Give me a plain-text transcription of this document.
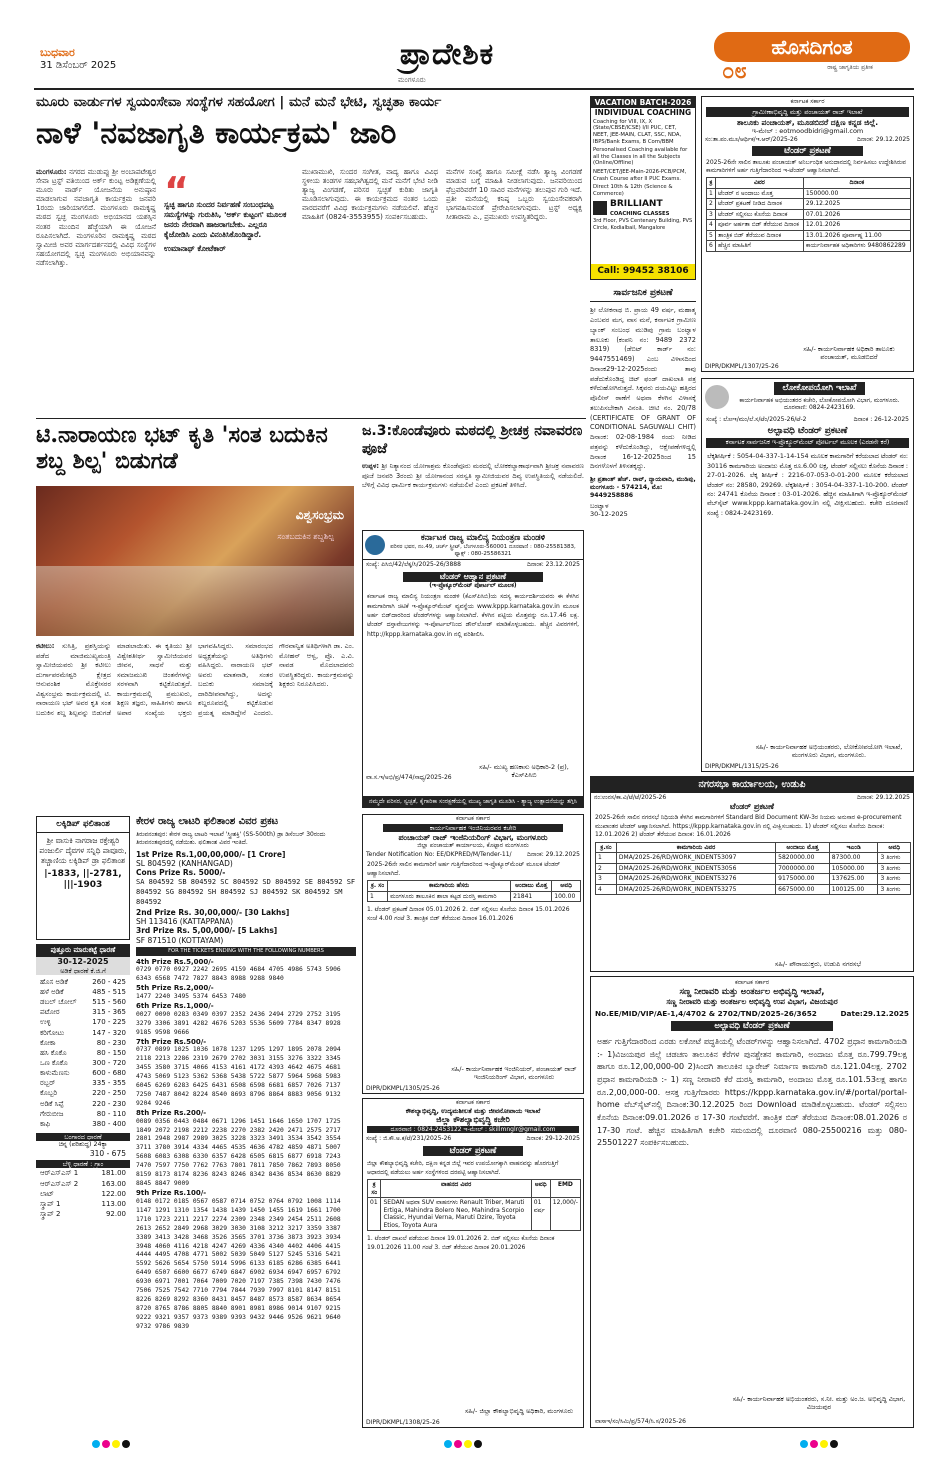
ಬುಧವಾರ
31 ಡಿಸೆಂಬರ್ 2025
ಮಂಗಳೂರು
ಪ್ರಾದೇಶಿಕ	ಹೊಸದಿಗಂತ
ರಾಷ್ಟ್ರ ಜಾಗೃತಿಯ ಪ್ರತೀಕ
೦೮
ಮೂರು ವಾರ್ಡುಗಳ ಸ್ವಯಂಸೇವಾ ಸಂಸ್ಥೆಗಳ ಸಹಯೋಗ | ಮನೆ ಮನೆ ಭೇಟಿ, ಸ್ವಚ್ಛತಾ ಕಾರ್ಯ
ನಾಳೆ 'ನವಜಾಗೃತಿ ಕಾರ್ಯಕ್ರಮ' ಜಾರಿ
ಮಂಗಳೂರು: ನಗರದ ಮುಡುಪ್ಪು ಶ್ರೀ ಅಂಬಾಪಟೇಶ್ವರ ಸೇವಾ ಟ್ರಸ್ಟ್ ವತಿಯಿಂದ ಅರ್ಕ್ ಕುಂಟ್ಪ ಅಡಿಕ್ಷಣೆಯಲ್ಲಿ ಮೂರು ವಾರ್ಡ್ ಯೋಜನೆಯ ಅನುಷ್ಠಾನ ಮಾಡಲಾಗುವ ನವಜಾಗೃತಿ ಕಾರ್ಯಕ್ರಮ ಜನವರಿ 1ರಂದು ಜಾರಿಯಾಗಲಿದೆ. ಮಂಗಳೂರು ರಾಮಕೃಷ್ಣ ಮಠದ ಸ್ವಚ್ಛ ಮಂಗಳೂರು ಅಭಿಯಾನದ ಯಶಸ್ಸಿನ ನಂತರ ಮುಂದಿನ ಹೆಜ್ಜೆಯಾಗಿ ಈ ಯೋಜನೆ ರೂಪಿಸಲಾಗಿದೆ. ಮಂಗಳೂರಿನ ರಾಮಕೃಷ್ಣ ಮಠದ ಸ್ವಾಮೀಜಿ ಅವರ ಮಾರ್ಗದರ್ಶನದಲ್ಲಿ ವಿವಿಧ ಸಂಸ್ಥೆಗಳ ಸಹಯೋಗದಲ್ಲಿ ಸ್ವಚ್ಛ ಮಂಗಳೂರು ಅಭಿಯಾನವನ್ನು ನಡೆಸಲಾಗಿತ್ತು.
“
ಸ್ವಚ್ಛ ಹಾಗೂ ಸುಂದರ ನಿರ್ವಹಣೆ ಸಂಬಂಧಪಟ್ಟ ಸಮಸ್ಯೆಗಳನ್ನು ಗುರುತಿಸಿ, 'ಅರ್ಕ್ ಕುಟ್ಟಂಗ' ಮೂಲಕ ಜನರು ನೇರವಾಗಿ ಹಾಜರಾಗಬೇಕು. ಎಲ್ಲರೂ ಕೈಜೋಡಿಸಿ ಎಂದು ವಿನಂತಿಸಿಕೊಂಡಿದ್ದಾರೆ.
ಉಮಾನಾಥ್ ಕೋಟೆಕಾರ್
ಮುಖಾಮುಖಿ, ಸುಂದರ ಸಂಗೀತ, ವಾದ್ಯ ಹಾಗೂ ವಿವಿಧ ಸ್ಥಳೀಯ ತಂಡಗಳ ಸಹಭಾಗಿತ್ವದಲ್ಲಿ ಮನೆ ಮನೆಗೆ ಭೇಟಿ ನೀಡಿ ತ್ಯಾಜ್ಯ ವಿಂಗಡಣೆ, ಪರಿಸರ ಸ್ವಚ್ಛತೆ ಕುರಿತು ಜಾಗೃತಿ ಮೂಡಿಸಲಾಗುವುದು. ಈ ಕಾರ್ಯಕ್ರಮದ ನಂತರ ಒಂದು ವಾರದವರೆಗೆ ವಿವಿಧ ಕಾರ್ಯಕ್ರಮಗಳು ನಡೆಯಲಿವೆ. ಹೆಚ್ಚಿನ ಮಾಹಿತಿಗೆ (0824-3553955) ಸಂಪರ್ಕಿಸಬಹುದು.
ಮನೆಗಳ ಸಂಖ್ಯೆ ಹಾಗೂ ಸಮೀಕ್ಷೆ ನಡೆಸಿ ತ್ಯಾಜ್ಯ ವಿಂಗಡಣೆ ಮಾಡುವ ಬಗ್ಗೆ ಮಾಹಿತಿ ನೀಡಲಾಗುವುದು. ಜನವರಿಯಿಂದ ಫೆಬ್ರವರಿವರೆಗೆ 10 ಸಾವಿರ ಮನೆಗಳನ್ನು ತಲುಪುವ ಗುರಿ ಇದೆ. ಪ್ರತೀ ಮನೆಯಲ್ಲಿ ಕನಿಷ್ಠ ಒಬ್ಬರು ಸ್ವಯಂಸೇವಕರಾಗಿ ಭಾಗವಹಿಸುವಂತೆ ಪ್ರೇರೇಪಿಸಲಾಗುವುದು. ಟ್ರಸ್ಟ್ ಅಧ್ಯಕ್ಷ ಸೀತಾರಾಮ ಎ., ಪ್ರಮುಖರು ಉಪಸ್ಥಿತರಿದ್ದರು.
VACATION BATCH-2026
INDIVIDUAL COACHING
Coaching for VIII, IX, X (State/CBSE/ICSE) I/II PUC, CET, NEET, JEE-MAIN, CLAT, SSC, NDA, IBPS/Bank Exams, B Com/BBM
Personalised Coaching available for all the Classes in all the Subjects (Online/Offline)
NEET/CET/JEE-Main-2026-PCB/PCM, Crash Course after II PUC Exams.
Direct 10th & 12th (Science & Commerce)
BRILLIANT
COACHING CLASSES
3rd Floor, PVS Centenary Building, PVS Circle, Kodialbail, Mangalore
Call: 99452 38106
ಕರ್ನಾಟಕ ಸರ್ಕಾರ
ಗ್ರಾಮೀಣಾಭಿವೃದ್ಧಿ ಮತ್ತು ಪಂಚಾಯತ್ ರಾಜ್ ಇಲಾಖೆ
ತಾಲೂಕು ಪಂಚಾಯತ್, ಮೂಡಬಿದರೆ ದಕ್ಷಿಣ ಕನ್ನಡ ಜಿಲ್ಲೆ.
ಇ-ಮೇಲ್ : eotmoodbidri@gmail.com
ಸಂ:ತಾ.ಪಂ.ಮೂ/ಆರ್ಥಿಕ/ಇ.ಆರ್/2025-26	ದಿನಾಂಕ: 29.12.2025
ಟೆಂಡರ್ ಪ್ರಕಟಣೆ
2025-26ನೇ ಸಾಲಿನ ತಾಲೂಕು ಪಂಚಾಯತ್ ಅನಿರ್ಬಂಧಿತ ಅನುದಾನದಲ್ಲಿ ನಿರ್ವಹಿಸಲು ಉದ್ದೇಶಿಸಿರುವ ಕಾಮಗಾರಿಗಳಿಗೆ ಅರ್ಹ ಗುತ್ತಿಗೆದಾರರಿಂದ ಇ-ಟೆಂಡರ್ ಆಹ್ವಾನಿಸಲಾಗಿದೆ.
ಕ್ರ	ವಿವರ	ದಿನಾಂಕ
1	ಟೆಂಡರ್ ನ ಅಂದಾಜು ಮೊತ್ತ	150000.00
2	ಟೆಂಡರ್ ಪ್ರಕಟಣೆ ನೀಡಿದ ದಿನಾಂಕ	29.12.2025
3	ಟೆಂಡರ್ ಸಲ್ಲಿಸಲು ಕೊನೆಯ ದಿನಾಂಕ	07.01.2026
4	ಪೂರ್ವ ಅರ್ಹತಾ ಬಿಡ್ ತೆರೆಯುವ ದಿನಾಂಕ	12.01.2026
5	ತಾಂತ್ರಿಕ ಬಿಡ್ ತೆರೆಯುವ ದಿನಾಂಕ	13.01.2026 ಪೂರ್ವಾಹ್ನ 11.00
6	ಹೆಚ್ಚಿನ ಮಾಹಿತಿಗೆ	ಕಾರ್ಯನಿರ್ವಾಹಕ ಅಧಿಕಾರಿಗಳು 9480862289
ಸಹಿ/- ಕಾರ್ಯನಿರ್ವಾಹಕ ಅಧಿಕಾರಿ ತಾಲೂಕು ಪಂಚಾಯತ್, ಮೂಡಬಿದರೆ
DIPR/DKMPL/1307/25-26
ಸಾರ್ವಜನಿಕ ಪ್ರಕಟಣೆ
ಶ್ರೀ ಲೋಕನಾಥ ಬಿ. ಪ್ರಾಯ 49 ವರ್ಷ, ಮಹಾತ್ಮ ಎಂಬವರ ಮಗ, ವಾಸ ಮನೆ, ಕರ್ನಾಟಕ ಗ್ರಾಮೀಣ ಬ್ಯಾಂಕ್ ಸಂಬಂಧ ಮುಡಿಪು ಗ್ರಾಮ ಬಂಟ್ವಾಳ ತಾಲೂಕು (ಕಂಪನಿ ನಂ: 9489 2372 8319) (ಡೆಬಿಟ್ ಕಾರ್ಡ್ ನಂ: 9447551469) ಎಂಬ ವಿಳಾಸದಿಂದ ದಿನಾಂಕ29-12-2025ರಂದು ತಾವು ಪಡೆದುಕೊಂಡಿದ್ದ ಚಿಟ್ ಫಂಡ್ ದಾಖಲಾತಿ ಪತ್ರ ಕಳೆದುಹೋಗಿರುತ್ತದೆ. ಸಿಕ್ಕವರು ದಯವಿಟ್ಟು ಹತ್ತಿರದ ಪೊಲೀಸ್ ಠಾಣೆಗೆ ಅಥವಾ ಕೆಳಗಿನ ವಿಳಾಸಕ್ಕೆ ತಲುಪಿಸಬೇಕಾಗಿ ವಿನಂತಿ. ಚೀಟಿ ನಂ. 20/78 (CERTIFICATE OF GRANT OF CONDITIONAL SAGUWALI CHIT) ದಿನಾಂಕ: 02-08-1984 ರಂದು ನೀಡಿದ ಪತ್ರವನ್ನು ಕಳೆದುಕೊಂಡಿದ್ದು, ಆಕ್ಷೇಪಣೆಗಳಿದ್ದಲ್ಲಿ ದಿನಾಂಕ 16-12-2025ರಿಂದ 15 ದಿನಗಳೊಳಗೆ ತಿಳಿಸತಕ್ಕದ್ದು.
ಶ್ರೀ ಪ್ರಶಾಂತ್ ಹೆಚ್. ರಾವ್, ನ್ಯಾಯವಾದಿ, ಮುಡಿಪು, ಮಂಗಳೂರು - 574214, ಮೊ: 9449258886
ಬಂಟ್ವಾಳ
30-12-2025
ಲೋಕೋಪಯೋಗಿ ಇಲಾಖೆ
ಕಾರ್ಯನಿರ್ವಾಹಕ ಅಭಿಯಂತರರ ಕಚೇರಿ, ಲೋಕೋಪಯೋಗಿ ವಿಭಾಗ, ಮಂಗಳೂರು. ದೂರವಾಣಿ: 0824-2423169.
ಸಂಖ್ಯೆ : ಲೋಇ/ಮಂ/ಲೆ.ಸ/ಟೆಂ/2025-26/ಟೆ-2	ದಿನಾಂಕ : 26-12-2025
ಅಲ್ಪಾವಧಿ ಟೆಂಡರ್ ಪ್ರಕಟಣೆ
ಕರ್ನಾಟಕ ಸಾರ್ವಜನಿಕ ಇ-ಪ್ರೊಕ್ಯೂರ್‌ಮೆಂಟ್ ಪೋರ್ಟಲ್ ಮೂಲಕ (ಎರಡನೇ ಕರೆ)
ಲೆಕ್ಕಶೀರ್ಷಿಕೆ : 5054-04-337-1-14-154 ಮೂಲಕ ಕಾಮಗಾರಿಗೆ ಕರೆಯಲಾದ ಟೆಂಡರ್ ನಂ: 30116 ಕಾಮಗಾರಿಯ ಅಂದಾಜು ಮೊತ್ತ ರೂ.6.00 ಲಕ್ಷ, ಟೆಂಡರ್ ಸಲ್ಲಿಸಲು ಕೊನೆಯ ದಿನಾಂಕ : 27-01-2026. ಲೆಕ್ಕ ಶೀರ್ಷಿಕೆ : 2216-07-053-0-01-200 ಮೂಲಕ ಕರೆಯಲಾದ ಟೆಂಡರ್ ನಂ: 28580, 29269. ಲೆಕ್ಕಶೀರ್ಷಿಕೆ : 3054-04-337-1-10-200. ಟೆಂಡರ್ ನಂ: 24741 ಕೊನೆಯ ದಿನಾಂಕ : 03-01-2026. ಹೆಚ್ಚಿನ ಮಾಹಿತಿಗಾಗಿ ಇ-ಪ್ರೊಕ್ಯೂರ್‌ಮೆಂಟ್ ವೆಬ್‌ಸೈಟ್ www.kppp.karnataka.gov.in ನಲ್ಲಿ ವೀಕ್ಷಿಸಬಹುದು. ಕಚೇರಿ ದೂರವಾಣಿ ಸಂಖ್ಯೆ : 0824-2423169.
ಸಹಿ/- ಕಾರ್ಯನಿರ್ವಾಹಕ ಅಭಿಯಂತರರು, ಲೋಕೋಪಯೋಗಿ ಇಲಾಖೆ, ಮಂಗಳೂರು ವಿಭಾಗ, ಮಂಗಳೂರು.
DIPR/DKMPL/1315/25-26
ಟಿ.ನಾರಾಯಣ ಭಟ್ ಕೃತಿ 'ಸಂತ ಬದುಕಿನ ಶಬ್ದ ಶಿಲ್ಪ' ಬಿಡುಗಡೆ
ವಿಶ್ವಸಂಭ್ರಮ
ಸಂತಬದುಕಿನ ಶಬ್ದಶಿಲ್ಪ
ಕಟೀಲು: ಸುಸಿತ್ರಿ, ಪ್ರಶಸ್ತಿಯನ್ನು ಪಡೆದ ಮಾಜಿಮುಖ್ಯಮಂತ್ರಿ ಸ್ವಾಮೀಜಿಯವರು ಶ್ರೀ ಕಟೀಲು ದುರ್ಗಾಪರಮೇಶ್ವರಿ ಕ್ಷೇತ್ರದ ಆನುವಂಶಿಕ ಮೊಕ್ತೇಸರರ ವಿಶ್ವಸಂಭ್ರಮ ಕಾರ್ಯಕ್ರಮದಲ್ಲಿ ಟಿ. ನಾರಾಯಣ ಭಟ್ ಅವರ ಕೃತಿ ಸಂತ ಬದುಕಿನ ಶಬ್ದ ಶಿಲ್ಪವನ್ನು ಬಿಡುಗಡೆ ಮಾಡಲಾಯಿತು. ಈ ಕೃತಿಯು ಶ್ರೀ ವಿಶ್ವೇಶತೀರ್ಥ ಸ್ವಾಮೀಜಿಯವರ ಜೀವನ, ಸಾಧನೆ ಮತ್ತು ಸಮಾಜಮುಖಿ ಚಿಂತನೆಗಳನ್ನು ಸರಳವಾಗಿ ಕಟ್ಟಿಕೊಡುತ್ತದೆ. ಕಾರ್ಯಕ್ರಮದಲ್ಲಿ ಪ್ರಮುಖರು, ಶಿಕ್ಷಣ ತಜ್ಞರು, ಸಾಹಿತಿಗಳು ಹಾಗೂ ಅಪಾರ ಸಂಖ್ಯೆಯ ಭಕ್ತರು ಭಾಗವಹಿಸಿದ್ದರು. ಸಮಾರಂಭದ ಅಧ್ಯಕ್ಷತೆಯನ್ನು ಅತಿಥಿಗಳು ವಹಿಸಿದ್ದರು. ನಾರಾಯಣ ಭಟ್ ಅವರು ಮಾತನಾಡಿ, ಸಂತರ ಬದುಕು ಸಮಾಜಕ್ಕೆ ದಾರಿದೀಪವಾಗಿದ್ದು, ಅದನ್ನು ಶಬ್ದರೂಪದಲ್ಲಿ ಕಟ್ಟಿಕೊಡುವ ಪ್ರಯತ್ನ ಮಾಡಿದ್ದೇನೆ ಎಂದರು. ಗೌರವಾನ್ವಿತ ಅತಿಥಿಗಳಾಗಿ ಡಾ. ಎಂ. ಮೋಹನ್ ಆಳ್ವ, ಪ್ರೊ. ಎ.ವಿ. ನಾವಡ ಮೊದಲಾದವರು ಉಪಸ್ಥಿತರಿದ್ದರು. ಕಾರ್ಯಕ್ರಮವನ್ನು ಶಿಕ್ಷಕರು ನಿರೂಪಿಸಿದರು.
ಜ.3:ಕೊಂಡೆವೂರು ಮಠದಲ್ಲಿ ಶ್ರೀಚಕ್ರ ನವಾವರಣ ಪೂಜೆ
ಉಪ್ಪಳ: ಶ್ರೀ ನಿತ್ಯಾನಂದ ಯೋಗಾಶ್ರಮ ಕೊಂಡೆವೂರು ಮಠದಲ್ಲಿ ಲೋಕಕಲ್ಯಾಣಾರ್ಥವಾಗಿ ಶ್ರೀಚಕ್ರ ನವಾವರಣ ಪೂಜೆ ಜನವರಿ 3ರಂದು ಶ್ರೀ ಯೋಗಾನಂದ ಸರಸ್ವತಿ ಸ್ವಾಮೀಜಿಯವರ ದಿವ್ಯ ಉಪಸ್ಥಿತಿಯಲ್ಲಿ ನಡೆಯಲಿದೆ. ಬೆಳಿಗ್ಗೆ ವಿವಿಧ ಧಾರ್ಮಿಕ ಕಾರ್ಯಕ್ರಮಗಳು ನಡೆಯಲಿವೆ ಎಂದು ಪ್ರಕಟಣೆ ತಿಳಿಸಿದೆ.
ಕರ್ನಾಟಕ ರಾಜ್ಯ ಮಾಲಿನ್ಯ ನಿಯಂತ್ರಣ ಮಂಡಳಿ
ಪರಿಸರ ಭವನ, ನಂ.49, ಚರ್ಚ್ ಸ್ಟ್ರೀಟ್, ಬೆಂಗಳೂರು-560001 ದೂರವಾಣಿ : 080-25581383, ಫ್ಯಾಕ್ಸ್ : 080-25586321
ಸಂಖ್ಯೆ: ಪಿಸಿಬಿ/42/ಲೆಕ್ಕ/ಸಿ/2025-26/3888	ದಿನಾಂಕ: 23.12.2025
ಟೆಂಡರ್ ಆಹ್ವಾನ ಪ್ರಕಟಣೆ
(ಇ-ಪ್ರೊಕ್ಯೂರ್‌ಮೆಂಟ್ ಪೋರ್ಟಲ್ ಮೂಲಕ)
ಕರ್ನಾಟಕ ರಾಜ್ಯ ಮಾಲಿನ್ಯ ನಿಯಂತ್ರಣ ಮಂಡಳಿ (ಕೆಎಸ್‌ಪಿಸಿಬಿ)ಯ ಸದಸ್ಯ ಕಾರ್ಯದರ್ಶಿಯವರು ಈ ಕೆಳಗಿನ ಕಾಮಗಾರಿಗಾಗಿ ಚಿಟಿಕೆ ಇ-ಪ್ರೊಕ್ಯೂರ್‌ಮೆಂಟ್ ವ್ಯವಸ್ಥೆಯ www.kppp.karnataka.gov.in ಮೂಲಕ ಅರ್ಹ ಬಿಡ್‌ದಾರರಿಂದ ಟೆಂಡರ್‌ಗಳನ್ನು ಆಹ್ವಾನಿಸಲಾಗಿದೆ. ಕೆಳಗಿನ ಪಟ್ಟಿಯ ಮೊತ್ತವನ್ನು ರೂ.17.46 ಲಕ್ಷ. ಟೆಂಡರ್ ದಸ್ತಾವೇಜುಗಳನ್ನು ಇ-ಪೋರ್ಟಲ್‌ನಿಂದ ಡೌನ್‌ಲೋಡ್ ಮಾಡಿಕೊಳ್ಳಬಹುದು. ಹೆಚ್ಚಿನ ವಿವರಗಳಿಗೆ, http://kppp.karnataka.gov.in ನಲ್ಲಿ ಪರಿಶೀಲಿಸಿ.
ಸಹಿ/- ಮುಖ್ಯ ಹಣಕಾಸು ಅಧಿಕಾರಿ-2 (ಪ್ರ), ಕೆಎಸ್‌ಪಿಸಿಬಿ
ವಾ.ಸ.ಇ/ಅಭಿ/ಪ್ರ/474/ಸಾಧ್ಯ/2025-26
ನಮ್ಮದೇ ಪರಿಸರ, ಸ್ವಚ್ಛತೆ, ಕೈಗಾರಿಕಾ ಸಂರಕ್ಷಣೆಯಲ್ಲಿ ಮುಖ್ಯ ಜಾಗೃತಿ ಮೂಡಿಸಿ - ತ್ಯಾಜ್ಯ ಉತ್ಪಾದನೆಯನ್ನು ತಗ್ಗಿಸಿ
ಲಕ್ಕಿಡಿಪ್ ಫಲಿತಾಂಶ
ಶ್ರೀ ವಾಸುಕಿ ನಾಗರಾಜ ರಕ್ತೇಶ್ವರಿ ಪಂಜುರ್ಲಿ ದೈವಗಳ ಸನ್ನಿಧಿ ಪಾವೂರು, ತಚ್ಚಾಣಿಯ ಲಕ್ಕಿಡಿಪ್ ಡ್ರಾ ಫಲಿತಾಂಶ
|-1833, ||-2781, |||-1903
ಪುತ್ತೂರು ಮಾರುಕಟ್ಟೆ ಧಾರಣೆ
30-12-2025
ಅಡಿಕೆ ಧಾರಣೆ ಕೆ.ಜಿ.ಗೆ
ಹೊಸ ಅಡಿಕೆ	260 - 425
ಹಳೆ ಅಡಿಕೆ	485 - 515
ಡಬಲ್ ಚೋಲ್ 515 - 560
ಪಟೋರ	315 - 365
ಉಳ್ಳಿ	170 - 225
ಕರಿಗೋಟು	147 - 320
ಕೋಕಾ	80 - 230
ಹಸಿ ಕೊಕೊ	80 - 150
ಒಣ ಕೊಕೊ	300 - 720
ಕಾಳುಮೆಣಸು	600 - 680
ರಬ್ಬರ್	335 - 355
ಕೊಬ್ಬರಿ	220 - 250
ಅಡಿಕೆ ಸಿಪ್ಪೆ	220 - 230
ಗೇರುಬೀಜ	80 - 110
ಕಾಫಿ	380 - 400
ಬಂಗಾರದ ಧಾರಣೆ
ಚಿನ್ನ (ಪರಿಶುದ್ಧ) 24ಕ್ಯಾ
310 - 675
ಬೆಳ್ಳಿ ಧಾರಣೆ : ಗ್ರಾಂ
ಆರ್‌ಎಸ್ಎಸ್ 1	181.00
ಆರ್‌ಎಸ್ಎಸ್ 2	163.00
ಲಾಟ್	122.00
ಸ್ಕ್ರಾಪ್ 1	113.00
ಸ್ಕ್ರಾಪ್ 2	92.00
ಕೇರಳ ರಾಜ್ಯ ಲಾಟರಿ ಫಲಿತಾಂಶ ವಿವರ ಪ್ರಕಟ
ತಿರುವನಂತಪುರ: ಕೇರಳ ರಾಜ್ಯ ಲಾಟರಿ ಇಲಾಖೆ 'ಸ್ತ್ರೀಶಕ್ತಿ' (SS-500th) ಡ್ರಾ ಡಿಸೆಂಬರ್ 30ರಂದು ತಿರುವನಂತಪುರದಲ್ಲಿ ನಡೆಯಿತು. ಫಲಿತಾಂಶ ವಿವರ ಇಂತಿದೆ.
1st Prize Rs.1,00,00,000/- [1 Crore]
SL 804592 (KANHANGAD)
Cons Prize Rs. 5000/-
SA 804592 SB 804592 SC 804592 SD 804592 SE 804592 SF 804592 SG 804592 SH 804592 SJ 804592 SK 804592 SM 804592
2nd Prize Rs. 30,00,000/- [30 Lakhs]
SH 113416 (KATTAPPANA)
3rd Prize Rs. 5,00,000/- [5 Lakhs]
SF 871510 (KOTTAYAM)
FOR THE TICKETS ENDING WITH THE FOLLOWING NUMBERS
4th Prize Rs.5,000/-
0729 0770 0927 2242 2695 4159 4684 4705 4986 5743 5906 6343 6568 7472 7827 8843 8988 9288 9840
5th Prize Rs.2,000/-
1477 2240 3495 5374 6453 7480
6th Prize Rs.1,000/-
0027 0090 0283 0349 0397 2352 2436 2494 2729 2752 3195 3279 3306 3891 4282 4676 5203 5536 5609 7784 8347 8928 9185 9598 9666
7th Prize Rs.500/-
0737 0899 1025 1036 1078 1237 1295 1297 1895 2078 2094 2118 2213 2286 2319 2679 2702 3031 3155 3276 3322 3345 3455 3580 3715 4066 4153 4161 4172 4393 4642 4675 4681 4743 5069 5123 5362 5368 5438 5722 5877 5964 5968 5983 6045 6269 6283 6425 6431 6508 6598 6681 6857 7026 7137 7250 7487 8042 8224 8540 8693 8796 8864 8883 9056 9132 9204 9246
8th Prize Rs.200/-
0089 0356 0443 0484 0671 1296 1451 1646 1650 1707 1725 1849 2072 2198 2212 2238 2270 2382 2420 2471 2575 2717 2801 2948 2987 2989 3025 3228 3323 3491 3534 3542 3554 3711 3780 3914 4334 4465 4535 4636 4782 4859 4871 5007 5608 6083 6308 6330 6357 6428 6505 6815 6877 6918 7243 7470 7597 7750 7762 7763 7801 7811 7850 7862 7893 8050 8159 8173 8174 8236 8243 8246 8342 8436 8534 8630 8829 8845 8847 9009
9th Prize Rs.100/-
0148 0172 0185 0567 0587 0714 0752 0764 0792 1008 1114 1147 1291 1310 1354 1438 1439 1450 1455 1619 1661 1700 1710 1723 2211 2217 2274 2309 2348 2349 2454 2511 2608 2613 2652 2849 2968 3029 3030 3108 3212 3217 3359 3387 3389 3413 3428 3468 3526 3565 3701 3736 3873 3923 3934 3948 4060 4116 4218 4247 4269 4336 4340 4402 4406 4415 4444 4495 4708 4771 5002 5039 5049 5127 5245 5316 5421 5592 5626 5654 5750 5914 5996 6133 6185 6286 6385 6441 6449 6507 6600 6677 6749 6847 6902 6934 6947 6957 6792 6930 6971 7001 7064 7009 7020 7197 7385 7398 7430 7476 7506 7525 7542 7710 7794 7844 7939 7997 8101 8147 8151 8226 8269 8292 8360 8431 8457 8487 8573 8587 8634 8654 8720 8765 8786 8805 8840 8901 8981 8986 9014 9107 9215 9222 9321 9357 9373 9389 9393 9432 9446 9526 9621 9640 9732 9786 9839
ಕರ್ನಾಟಕ ಸರ್ಕಾರ
ಕಾರ್ಯನಿರ್ವಾಹಕ ಇಂಜಿನಿಯರವರ ಕಚೇರಿ
ಪಂಚಾಯತ್ ರಾಜ್ ಇಂಜಿನಿಯರಿಂಗ್ ವಿಭಾಗ, ಮಂಗಳೂರು
ಜಿಲ್ಲಾ ಪಂಚಾಯತ್ ಕಾರ್ಯಾಲಯ, ಕೊಟ್ಟಾರ ಮಂಗಳೂರು
Tender Notification No: EE/DKPRED/M/Tender-11/	ದಿನಾಂಕ: 29.12.2025
2025-26ನೇ ಸಾಲಿನ ಕಾಮಗಾರಿಗೆ ಅರ್ಹ ಗುತ್ತಿಗೆದಾರರಿಂದ ಇ-ಪ್ರೊಕ್ಯೂರ್‌ಮೆಂಟ್ ಮೂಲಕ ಟೆಂಡರ್ ಆಹ್ವಾನಿಸಲಾಗಿದೆ.
ಕ್ರ. ಸಂ	ಕಾಮಗಾರಿಯ ಹೆಸರು	ಅಂದಾಜು ಮೊತ್ತ	ಅವಧಿ
1	ಮಂಗಳೂರು ತಾಲೂಕಿನ ಶಾಲಾ ಕಟ್ಟಡ ದುರಸ್ತಿ ಕಾಮಗಾರಿ	21841	100.00
1. ಟೆಂಡರ್ ಪ್ರಕಟಣೆ ದಿನಾಂಕ 05.01.2026 2. ಬಿಡ್ ಸಲ್ಲಿಸಲು ಕೊನೆಯ ದಿನಾಂಕ 15.01.2026 ಸಂಜೆ 4.00 ಗಂಟೆ 3. ತಾಂತ್ರಿಕ ಬಿಡ್ ತೆರೆಯುವ ದಿನಾಂಕ 16.01.2026
ಸಹಿ/- ಕಾರ್ಯನಿರ್ವಾಹಕ ಇಂಜಿನಿಯರ್, ಪಂಚಾಯತ್ ರಾಜ್ ಇಂಜಿನಿಯರಿಂಗ್ ವಿಭಾಗ, ಮಂಗಳೂರು
DIPR/DKMPL/1305/25-26
ಕರ್ನಾಟಕ ಸರ್ಕಾರ
ಕೌಶಲ್ಯಾಭಿವೃದ್ಧಿ, ಉದ್ಯಮಶೀಲತೆ ಮತ್ತು ಜೀವನೋಪಾಯ ಇಲಾಖೆ
ಜಿಲ್ಲಾ ಕೌಶಲ್ಯಾಭಿವೃದ್ಧಿ ಕಚೇರಿ
ದೂರವಾಣಿ : 0824-2453122 ಇ-ಮೇಲ್ : skillmnglr@gmail.com
ಸಂಖ್ಯೆ : ಜಿ.ಕೌ.ಅ.ಕ/ಟೆ/231/2025-26	ದಿನಾಂಕ: 29-12-2025
ಟೆಂಡರ್ ಪ್ರಕಟಣೆ
ಜಿಲ್ಲಾ ಕೌಶಲ್ಯಾಭಿವೃದ್ಧಿ ಕಚೇರಿ, ದಕ್ಷಿಣ ಕನ್ನಡ ಜಿಲ್ಲೆ ಇವರ ಉಪಯೋಗಕ್ಕಾಗಿ ವಾಹನವನ್ನು ಹೊರಗುತ್ತಿಗೆ ಆಧಾರದಲ್ಲಿ ಪಡೆಯಲು ಅರ್ಹ ಸಂಸ್ಥೆಗಳಿಂದ ದರಪಟ್ಟಿ ಆಹ್ವಾನಿಸಲಾಗಿದೆ.
ಕ್ರ ಸಂ	ವಾಹನದ ವಿವರ	ಅವಧಿ	EMD
01	SEDAN ಅಥವಾ SUV ವಾಹನಗಳು Renault Triber, Maruti Ertiga, Mahindra Bolero Neo, Mahindra Scorpio Classic, Hyundai Verna, Maruti Dzire, Toyota Etios, Toyota Aura	01 ವರ್ಷ	12,000/-
1. ಟೆಂಡರ್ ದಾಖಲೆ ಪಡೆಯುವ ದಿನಾಂಕ 19.01.2026 2. ಬಿಡ್ ಸಲ್ಲಿಸಲು ಕೊನೆಯ ದಿನಾಂಕ 19.01.2026 11.00 ಗಂಟೆ 3. ಬಿಡ್ ತೆರೆಯುವ ದಿನಾಂಕ 20.01.2026
ಸಹಿ/- ಜಿಲ್ಲಾ ಕೌಶಲ್ಯಾಭಿವೃದ್ಧಿ ಅಧಿಕಾರಿ, ಮಂಗಳೂರು
DIPR/DKMPL/1308/25-26
ನಗರಸಭಾ ಕಾರ್ಯಾಲಯ, ಉಡುಪಿ
ನಂ:ಉನಸ/ಕಾ.ವಿ/ಟೆ/ಟೆ/2025-26	ದಿನಾಂಕ: 29.12.2025
ಟೆಂಡರ್ ಪ್ರಕಟಣೆ
2025-26ನೇ ಸಾಲಿನ ನಗರಸಭೆ ನಿಧಿಯಡಿ ಕೆಳಗಿನ ಕಾಮಗಾರಿಗಳಿಗೆ Standard Bid Document KW-3ರ ನಿಯಮ ಅನುಸಾರ e-procurement ಮುಖಾಂತರ ಟೆಂಡರ್ ಆಹ್ವಾನಿಸಲಾಗಿದೆ. https://kppp.karnataka.gov.in ನಲ್ಲಿ ವೀಕ್ಷಿಸಬಹುದು. 1) ಟೆಂಡರ್ ಸಲ್ಲಿಸಲು ಕೊನೆಯ ದಿನಾಂಕ: 12.01.2026 2) ಟೆಂಡರ್ ತೆರೆಯುವ ದಿನಾಂಕ: 16.01.2026
ಕ್ರ.ಸಂ	ಕಾಮಗಾರಿಯ ವಿವರ	ಅಂದಾಜು ಮೊತ್ತ	ಇಎಂಡಿ	ಅವಧಿ
1	DMA/2025-26/RD/WORK_INDENT53097	5820000.00	87300.00	3 ತಿಂಗಳು
2	DMA/2025-26/RD/WORK_INDENT53056	7000000.00	105000.00	3 ತಿಂಗಳು
3	DMA/2025-26/RD/WORK_INDENT53276	9175000.00	137625.00	3 ತಿಂಗಳು
4	DMA/2025-26/RD/WORK_INDENT53275	6675000.00	100125.00	3 ತಿಂಗಳು
ಸಹಿ/- ಪೌರಾಯುಕ್ತರು, ಉಡುಪಿ ನಗರಸಭೆ
ಕರ್ನಾಟಕ ಸರ್ಕಾರ
ಸಣ್ಣ ನೀರಾವರಿ ಮತ್ತು ಅಂತರ್ಜಲ ಅಭಿವೃದ್ಧಿ ಇಲಾಖೆ,
ಸಣ್ಣ ನೀರಾವರಿ ಮತ್ತು ಅಂತರ್ಜಲ ಅಭಿವೃದ್ಧಿ ಉಪ ವಿಭಾಗ, ವಿಜಯಪುರ
No.EE/MID/VIP/AE-1,4/4702 & 2702/TND/2025-26/3652	Date:29.12.2025
ಅಲ್ಪಾವಧಿ ಟೆಂಡರ್ ಪ್ರಕಟಣೆ
ಅರ್ಹ ಗುತ್ತಿಗೆದಾರರಿಂದ ಎರಡು ಲಕೋಟೆ ಪದ್ಧತಿಯಲ್ಲಿ ಟೆಂಡರ್‌ಗಳನ್ನು ಆಹ್ವಾನಿಸಲಾಗಿದೆ. 4702 ಪ್ರಧಾನ ಕಾಮಗಾರಿಯಡಿ :- 1)ವಿಜಯಪುರ ಜಿಲ್ಲೆ ಚಡಚಣ ತಾಲೂಕಿನ ಕೆರೆಗಳ ಪುನಶ್ಚೇತನ ಕಾಮಗಾರಿ, ಅಂದಾಜು ಮೊತ್ತ ರೂ.799.79ಲಕ್ಷ ಹಾಗೂ ರೂ.12,00,000-00 2)ಸಿಂದಗಿ ತಾಲೂಕಿನ ಬ್ಯಾರೇಜ್ ನಿರ್ಮಾಣ ಕಾಮಗಾರಿ ರೂ.121.04ಲಕ್ಷ. 2702 ಪ್ರಧಾನ ಕಾಮಗಾರಿಯಡಿ :- 1) ಸಣ್ಣ ನೀರಾವರಿ ಕೆರೆ ದುರಸ್ತಿ ಕಾಮಗಾರಿ, ಅಂದಾಜು ಮೊತ್ತ ರೂ.101.53ಲಕ್ಷ ಹಾಗೂ ರೂ.2,00,000-00. ಆಸಕ್ತ ಗುತ್ತಿಗೆದಾರರು https://kppp.karnataka.gov.in/#/portal/portal-home ವೆಬ್‌ಸೈಟ್‌ನಲ್ಲಿ ದಿನಾಂಕ:30.12.2025 ರಿಂದ Download ಮಾಡಿಕೊಳ್ಳಬಹುದು. ಟೆಂಡರ್ ಸಲ್ಲಿಸಲು ಕೊನೆಯ ದಿನಾಂಕ:09.01.2026 ರ 17-30 ಗಂಟೆವರೆಗೆ. ತಾಂತ್ರಿಕ ಬಿಡ್ ತೆರೆಯುವ ದಿನಾಂಕ:08.01.2026 ರ 17-30 ಗಂಟೆ. ಹೆಚ್ಚಿನ ಮಾಹಿತಿಗಾಗಿ ಕಚೇರಿ ಸಮಯದಲ್ಲಿ ದೂರವಾಣಿ 080-25500216 ಮತ್ತು 080-25501227 ಸಂಪರ್ಕಿಸಬಹುದು.
ಸಹಿ/- ಕಾರ್ಯನಿರ್ವಾಹಕ ಅಭಿಯಂತರರು, ಸ.ನೀ. ಮತ್ತು ಅಂ.ಜ. ಅಭಿವೃದ್ಧಿ ವಿಭಾಗ, ವಿಜಯಪುರ
ವಾಸಾಇ/ಸಂ/ಸಿಮಿ/ಪ್ರ/574/ಸಿ.ಸ/2025-26
